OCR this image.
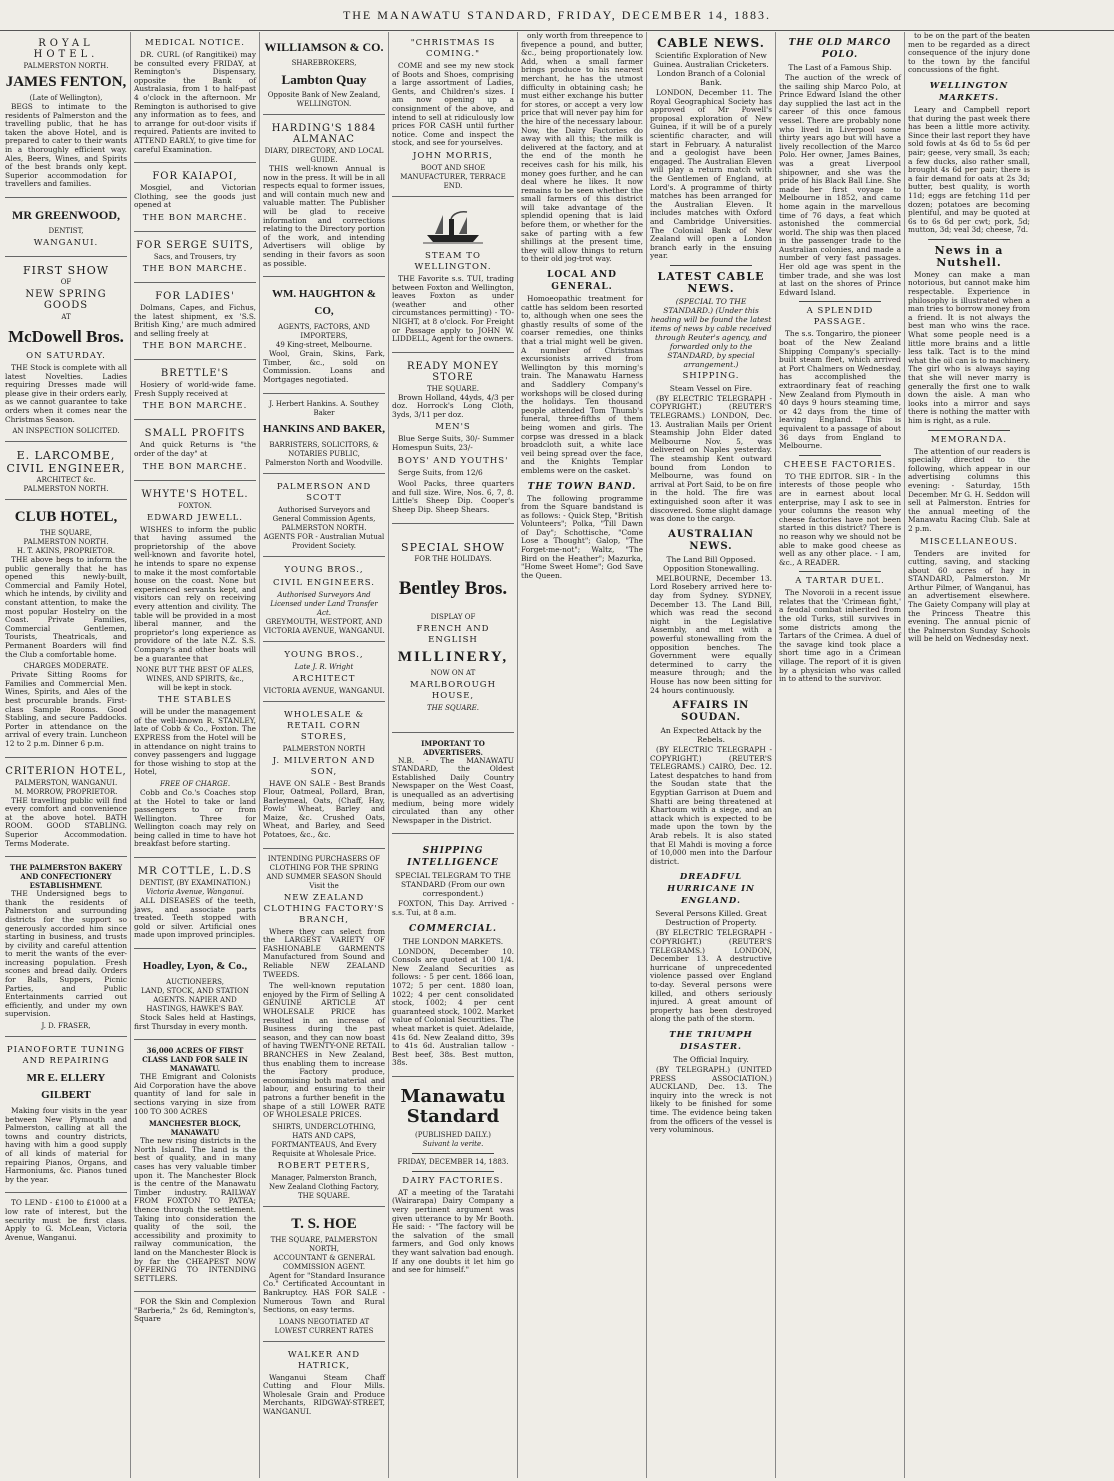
THE MANAWATU STANDARD, FRIDAY, DECEMBER 14, 1883.
ROYAL HOTEL.
PALMERSTON NORTH.
JAMES FENTON,
(Late of Wellington),

BEGS to intimate to the residents of Palmerston and the travelling public, that he has taken the above Hotel, and is prepared to cater to their wants in a thoroughly efficient way. Ales, Beers, Wines, and Spirits of the best brands only kept. Superior accommodation for travellers and families.

MR GREENWOOD,
DENTIST,
WANGANUI.
FIRST SHOW
OF
NEW SPRING GOODS
AT
McDowell Bros.
ON SATURDAY.

THE Stock is complete with all latest Novelties. Ladies requiring Dresses made will please give in their orders early, as we cannot guarantee to take orders when it comes near the Christmas Season.

AN INSPECTION SOLICITED.
E. LARCOMBE,
CIVIL ENGINEER,
ARCHITECT &c.
PALMERSTON NORTH.
CLUB HOTEL,
THE SQUARE,
PALMERSTON NORTH.
H. T. AKINS, PROPRIETOR.

THE above begs to inform the public generally that he has opened this newly-built, Commercial and Family Hotel, which he intends, by civility and constant attention, to make the most popular Hostelry on the Coast. Private Families, Commercial Gentlemen, Tourists, Theatricals, and Permanent Boarders will find the Club a comfortable home.

CHARGES MODERATE.

Private Sitting Rooms for Families and Commercial Men. Wines, Spirits, and Ales of the best procurable brands. First-class Sample Rooms. Good Stabling, and secure Paddocks. Porter in attendance on the arrival of every train. Luncheon 12 to 2 p.m. Dinner 6 p.m.

CRITERION HOTEL,
PALMERSTON, WANGANUI.
M. MORROW, PROPRIETOR.

THE travelling public will find every comfort and convenience at the above hotel. BATH ROOM. GOOD STABLING. Superior Accommodation. Terms Moderate.

THE PALMERSTON BAKERY AND CONFECTIONERY ESTABLISHMENT.

THE Undersigned begs to thank the residents of Palmerston and surrounding districts for the support so generously accorded him since starting in business, and trusts by civility and careful attention to merit the wants of the ever-increasing population. Fresh scones and bread daily. Orders for Balls, Suppers, Picnic Parties, and Public Entertainments carried out efficiently, and under my own supervision.

J. D. FRASER,
PIANOFORTE TUNING AND REPAIRING
MR E. ELLERY GILBERT

Making four visits in the year between New Plymouth and Palmerston, calling at all the towns and country districts, having with him a good supply of all kinds of material for repairing Pianos, Organs, and Harmoniums, &c. Pianos tuned by the year.

TO LEND - £100 to £1000 at a low rate of interest, but the security must be first class. Apply to G. McLean, Victoria Avenue, Wanganui.

MEDICAL NOTICE.

DR. CURL (of Rangitikei) may be consulted every FRIDAY, at Remington's Dispensary, opposite the Bank of Australasia, from 1 to half-past 4 o'clock in the afternoon. Mr Remington is authorised to give any information as to fees, and to arrange for out-door visits if required. Patients are invited to ATTEND EARLY, to give time for careful Examination.

FOR KAIAPOI,

Mosgiel, and Victorian Clothing, see the goods just opened at

THE BON MARCHE.
FOR SERGE SUITS,
Sacs, and Trousers, try
THE BON MARCHE.
FOR LADIES'

Dolmans, Capes, and Fichus, the latest shipment, ex 'S.S. British King,' are much admired and selling freely at

THE BON MARCHE.
BRETTLE'S

Hosiery of world-wide fame. Fresh Supply received at

THE BON MARCHE.
SMALL PROFITS

And quick Returns is "the order of the day" at

THE BON MARCHE.
WHYTE'S HOTEL.
FOXTON.
EDWARD JEWELL.

WISHES to inform the public that having assumed the proprietorship of the above well-known and favorite hotel, he intends to spare no expense to make it the most comfortable house on the coast. None but experienced servants kept, and visitors can rely on receiving every attention and civility. The table will be provided in a most liberal manner, and the proprietor's long experience as providore of the late N.Z. S.S. Company's and other boats will be a guarantee that

NONE BUT THE BEST OF ALES, WINES, AND SPIRITS, &c.,
will be kept in stock.
THE STABLES

will be under the management of the well-known R. STANLEY, late of Cobb & Co., Foxton. The EXPRESS from the Hotel will be in attendance on night trains to convey passengers and luggage for those wishing to stop at the Hotel,

FREE OF CHARGE.

Cobb and Co.'s Coaches stop at the Hotel to take or land passengers to or from Wellington. Three for Wellington coach may rely on being called in time to have hot breakfast before starting.

MR COTTLE, L.D.S
DENTIST, (BY EXAMINATION.)
Victoria Avenue, Wanganui.

ALL DISEASES of the teeth, jaws, and associate parts treated. Teeth stopped with gold or silver. Artificial ones made upon improved principles.

Hoadley, Lyon, & Co.,
AUCTIONEERS,
LAND, STOCK, AND STATION AGENTS. NAPIER AND HASTINGS, HAWKE'S BAY.

Stock Sales held at Hastings, first Thursday in every month.

36,000 ACRES OF FIRST CLASS LAND FOR SALE IN MANAWATU.

THE Emigrant and Colonists Aid Corporation have the above quantity of land for sale in sections varying in size from 100 TO 300 ACRES

MANCHESTER BLOCK, MANAWATU

The new rising districts in the North Island. The land is the best of quality, and in many cases has very valuable timber upon it. The Manchester Block is the centre of the Manawatu Timber industry. RAILWAY FROM FOXTON TO PATEA; thence through the settlement. Taking into consideration the quality of the soil, the accessibility and proximity to railway communication, the land on the Manchester Block is by far the CHEAPEST NOW OFFERING TO INTENDING SETTLERS.

FOR the Skin and Complexion "Barberia," 2s 6d, Remington's, Square

WILLIAMSON & CO.
SHAREBROKERS,
Lambton Quay
Opposite Bank of New Zealand, WELLINGTON.
HARDING'S 1884 ALMANAC
DIARY, DIRECTORY, AND LOCAL GUIDE.

THIS well-known Annual is now in the press. It will be in all respects equal to former issues, and will contain much new and valuable matter. The Publisher will be glad to receive information and corrections relating to the Directory portion of the work, and intending Advertisers will oblige by sending in their favors as soon as possible.

WM. HAUGHTON & CO,
AGENTS, FACTORS, AND IMPORTERS,
49 King-street, Melbourne.

Wool, Grain, Skins, Fark, Timber, &c., sold on Commission. Loans and Mortgages negotiated.

J. Herbert Hankins. A. Southey Baker
HANKINS AND BAKER,
BARRISTERS, SOLICITORS, & NOTARIES PUBLIC,
Palmerston North and Woodville.
PALMERSON AND SCOTT
Authorised Surveyors and General Commission Agents,
PALMERSTON NORTH.
AGENTS FOR - Australian Mutual Provident Society.
YOUNG BROS.,
CIVIL ENGINEERS.
Authorised Surveyors And Licensed under Land Transfer Act.
GREYMOUTH, WESTPORT, AND VICTORIA AVENUE, WANGANUI.
YOUNG BROS.,
Late J. R. Wright
ARCHITECT
VICTORIA AVENUE, WANGANUI.
WHOLESALE & RETAIL CORN STORES,
PALMERSTON NORTH
J. MILVERTON AND SON,

HAVE ON SALE - Best Brands Flour, Oatmeal, Pollard, Bran, Barleymeal, Oats, (Chaff, Hay, Fowls' Wheat, Barley and Maize, &c. Crushed Oats, Wheat, and Barley, and Seed Potatoes, &c., &c.

INTENDING PURCHASERS OF CLOTHING FOR THE SPRING AND SUMMER SEASON Should Visit the
NEW ZEALAND CLOTHING FACTORY'S BRANCH,

Where they can select from the LARGEST VARIETY OF FASHIONABLE GARMENTS Manufactured from Sound and Reliable NEW ZEALAND TWEEDS.

The well-known reputation enjoyed by the Firm of Selling A GENUINE ARTICLE AT WHOLESALE PRICE has resulted in an increase of Business during the past season, and they can now boast of having TWENTY-ONE RETAIL BRANCHES in New Zealand, thus enabling them to increase the Factory produce, economising both material and labour, and ensuring to their patrons a further benefit in the shape of a still LOWER RATE OF WHOLESALE PRICES.

SHIRTS, UNDERCLOTHING, HATS AND CAPS, FORTMANTEAUS, And Every Requisite at Wholesale Price.
ROBERT PETERS,
Manager, Palmerston Branch, New Zealand Clothing Factory, THE SQUARE.
T. S. HOE
THE SQUARE, PALMERSTON NORTH,
ACCOUNTANT & GENERAL COMMISSION AGENT.

Agent for "Standard Insurance Co." Certificated Accountant in Bankruptcy. HAS FOR SALE - Numerous Town and Rural Sections, on easy terms.

LOANS NEGOTIATED AT LOWEST CURRENT RATES
WALKER AND HATRICK,

Wanganui Steam Chaff Cutting and Flour Mills. Wholesale Grain and Produce Merchants, RIDGWAY-STREET, WANGANUI.

"CHRISTMAS IS COMING."

COME and see my new stock of Boots and Shoes, comprising a large assortment of Ladies, Gents, and Children's sizes. I am now opening up a consignment of the above, and intend to sell at ridiculously low prices FOR CASH until further notice. Come and inspect the stock, and see for yourselves.

JOHN MORRIS,
BOOT AND SHOE MANUFACTURER, TERRACE END.
STEAM TO WELLINGTON.

THE Favorite s.s. TUI, trading between Foxton and Wellington, leaves Foxton as under (weather and other circumstances permitting) - TO-NIGHT, at 8 o'clock. For Freight or Passage apply to JOHN W. LIDDELL, Agent for the owners.

READY MONEY STORE
THE SQUARE.

Brown Holland, 44yds, 4/3 per doz. Horrock's Long Cloth, 3yds, 3/11 per doz.

MEN'S

Blue Serge Suits, 30/- Summer Homespun Suits, 23/-

BOYS' AND YOUTHS'

Serge Suits, from 12/6

Wool Packs, three quarters and full size. Wire, Nos. 6, 7, 8. Little's Sheep Dip. Cooper's Sheep Dip. Sheep Shears.

SPECIAL SHOW
FOR THE HOLIDAYS.
Bentley Bros.
DISPLAY OF
FRENCH AND ENGLISH
MILLINERY,
NOW ON AT
MARLBOROUGH HOUSE,
THE SQUARE.
IMPORTANT TO ADVERTISERS.

N.B. - The MANAWATU STANDARD, the Oldest Established Daily Country Newspaper on the West Coast, is unequalled as an advertising medium, being more widely circulated than any other Newspaper in the District.

SHIPPING INTELLIGENCE
SPECIAL TELEGRAM TO THE STANDARD (From our own correspondent.)

FOXTON, This Day. Arrived - s.s. Tui, at 8 a.m.

COMMERCIAL.
THE LONDON MARKETS.

LONDON, December 10. Consols are quoted at 100 1/4. New Zealand Securities as follows: - 5 per cent. 1866 loan, 1072; 5 per cent. 1880 loan, 1022; 4 per cent consolidated stock, 1002; 4 per cent guaranteed stock, 1002. Market value of Colonial Securities. The wheat market is quiet. Adelaide, 41s 6d. New Zealand ditto, 39s to 41s 6d. Australian tallow - Best beef, 38s. Best mutton, 38s.

Manawatu Standard
(PUBLISHED DAILY.)
Suivant la verite.
FRIDAY, DECEMBER 14, 1883.
DAIRY FACTORIES.

AT a meeting of the Taratahi (Wairarapa) Dairy Company a very pertinent argument was given utterance to by Mr Booth. He said: - "The factory will be the salvation of the small farmers, and God only knows they want salvation bad enough. If any one doubts it let him go and see for himself."

only worth from threepence to fivepence a pound, and butter, &c., being proportionately low. Add, when a small farmer brings produce to his nearest merchant, he has the utmost difficulty in obtaining cash; he must either exchange his butter for stores, or accept a very low price that will never pay him for the hire of the necessary labour. Now, the Dairy Factories do away with all this; the milk is delivered at the factory, and at the end of the month he receives cash for his milk, his money goes further, and he can deal where he likes. It now remains to be seen whether the small farmers of this district will take advantage of the splendid opening that is laid before them, or whether for the sake of parting with a few shillings at the present time, they will allow things to return to their old jog-trot way.

LOCAL AND GENERAL.

Homoeopathic treatment for cattle has seldom been resorted to, although when one sees the ghastly results of some of the coarser remedies, one thinks that a trial might well be given. A number of Christmas excursionists arrived from Wellington by this morning's train. The Manawatu Harness and Saddlery Company's workshops will be closed during the holidays. Ten thousand people attended Tom Thumb's funeral, three-fifths of them being women and girls. The corpse was dressed in a black broadcloth suit, a white lace veil being spread over the face, and the Knights Templar emblems were on the casket.

THE TOWN BAND.

The following programme from the Square bandstand is as follows: - Quick Step, "British Volunteers"; Polka, "Till Dawn of Day"; Schottische, "Come Lose a Thought"; Galop, "The Forget-me-not"; Waltz, "The Bird on the Heather"; Mazurka, "Home Sweet Home"; God Save the Queen.

CABLE NEWS.
Scientific Exploration of New Guinea. Australian Cricketers. London Branch of a Colonial Bank.

LONDON, December 11. The Royal Geographical Society has approved of Mr Powell's proposal exploration of New Guinea, if it will be of a purely scientific character, and will start in February. A naturalist and a geologist have been engaged. The Australian Eleven will play a return match with the Gentlemen of England, at Lord's. A programme of thirty matches has been arranged for the Australian Eleven. It includes matches with Oxford and Cambridge Universities. The Colonial Bank of New Zealand will open a London branch early in the ensuing year.

LATEST CABLE NEWS.
(SPECIAL TO THE STANDARD.) (Under this heading will be found the latest items of news by cable received through Reuter's agency, and forwarded only to the STANDARD, by special arrangement.)
SHIPPING.
Steam Vessel on Fire.

(BY ELECTRIC TELEGRAPH - COPYRIGHT.) (REUTER'S TELEGRAMS.) LONDON, Dec. 13. Australian Mails per Orient Steamship John Elder dated Melbourne Nov. 5, was delivered on Naples yesterday. The steamship Kent outward bound from London to Melbourne, was found on arrival at Port Said, to be on fire in the hold. The fire was extinguished soon after it was discovered. Some slight damage was done to the cargo.

AUSTRALIAN NEWS.
The Land Bill Opposed. Opposition Stonewalling.

MELBOURNE, December 13. Lord Rosebery arrived here to-day from Sydney. SYDNEY, December 13. The Land Bill, which was read the second night in the Legislative Assembly, and met with a powerful stonewalling from the opposition benches. The Government were equally determined to carry the measure through; and the House has now been sitting for 24 hours continuously.

AFFAIRS IN SOUDAN.
An Expected Attack by the Rebels.

(BY ELECTRIC TELEGRAPH - COPYRIGHT.) (REUTER'S TELEGRAMS.) CAIRO, Dec. 12. Latest despatches to hand from the Soudan state that the Egyptian Garrison at Duem and Shatti are being threatened at Khartoum with a siege, and an attack which is expected to be made upon the town by the Arab rebels. It is also stated that El Mahdi is moving a force of 10,000 men into the Darfour district.

DREADFUL HURRICANE IN ENGLAND.
Several Persons Killed. Great Destruction of Property.

(BY ELECTRIC TELEGRAPH - COPYRIGHT.) (REUTER'S TELEGRAMS.) LONDON, December 13. A destructive hurricane of unprecedented violence passed over England to-day. Several persons were killed, and others seriously injured. A great amount of property has been destroyed along the path of the storm.

THE TRIUMPH DISASTER.
The Official Inquiry.

(BY TELEGRAPH.) (UNITED PRESS ASSOCIATION.) AUCKLAND, Dec. 13. The inquiry into the wreck is not likely to be finished for some time. The evidence being taken from the officers of the vessel is very voluminous.

THE OLD MARCO POLO.
The Last of a Famous Ship.

The auction of the wreck of the sailing ship Marco Polo, at Prince Edward Island the other day supplied the last act in the career of this once famous vessel. There are probably none who lived in Liverpool some thirty years ago but will have a lively recollection of the Marco Polo. Her owner, James Baines, was a great Liverpool shipowner, and she was the pride of his Black Ball Line. She made her first voyage to Melbourne in 1852, and came home again in the marvellous time of 76 days, a feat which astonished the commercial world. The ship was then placed in the passenger trade to the Australian colonies, and made a number of very fast passages. Her old age was spent in the timber trade, and she was lost at last on the shores of Prince Edward Island.

A SPLENDID PASSAGE.

The s.s. Tongariro, the pioneer boat of the New Zealand Shipping Company's specially-built steam fleet, which arrived at Port Chalmers on Wednesday, has accomplished the extraordinary feat of reaching New Zealand from Plymouth in 40 days 9 hours steaming time, or 42 days from the time of leaving England. This is equivalent to a passage of about 36 days from England to Melbourne.

CHEESE FACTORIES.

TO THE EDITOR. SIR - In the interests of those people who are in earnest about local enterprise, may I ask to see in your columns the reason why cheese factories have not been started in this district? There is no reason why we should not be able to make good cheese as well as any other place. - I am, &c., A READER.

A TARTAR DUEL.

The Novoroii in a recent issue relates that the 'Crimean fight,' a feudal combat inherited from the old Turks, still survives in some districts among the Tartars of the Crimea. A duel of the savage kind took place a short time ago in a Crimean village. The report of it is given by a physician who was called in to attend to the survivor.

to be on the part of the beaten men to be regarded as a direct consequence of the injury done to the town by the fanciful concussions of the fight.

WELLINGTON MARKETS.

Leary and Campbell report that during the past week there has been a little more activity. Since their last report they have sold fowls at 4s 6d to 5s 6d per pair; geese, very small, 3s each; a few ducks, also rather small, brought 4s 6d per pair; there is a fair demand for oats at 2s 3d; butter, best quality, is worth 11d; eggs are fetching 11d per dozen; potatoes are becoming plentiful, and may be quoted at 6s to 6s 6d per cwt; pork, 5d; mutton, 3d; veal 3d; cheese, 7d.

News in a Nutshell.

Money can make a man notorious, but cannot make him respectable. Experience in philosophy is illustrated when a man tries to borrow money from a friend. It is not always the best man who wins the race. What some people need is a little more brains and a little less talk. Tact is to the mind what the oil can is to machinery. The girl who is always saying that she will never marry is generally the first one to walk down the aisle. A man who looks into a mirror and says there is nothing the matter with him is right, as a rule.

MEMORANDA.

The attention of our readers is specially directed to the following, which appear in our advertising columns this evening: - Saturday, 15th December. Mr G. H. Seddon will sell at Palmerston. Entries for the annual meeting of the Manawatu Racing Club. Sale at 2 p.m.

MISCELLANEOUS.

Tenders are invited for cutting, saving, and stacking about 60 acres of hay in STANDARD, Palmerston. Mr Arthur Pilmer, of Wanganui, has an advertisement elsewhere. The Gaiety Company will play at the Princess Theatre this evening. The annual picnic of the Palmerston Sunday Schools will be held on Wednesday next.
